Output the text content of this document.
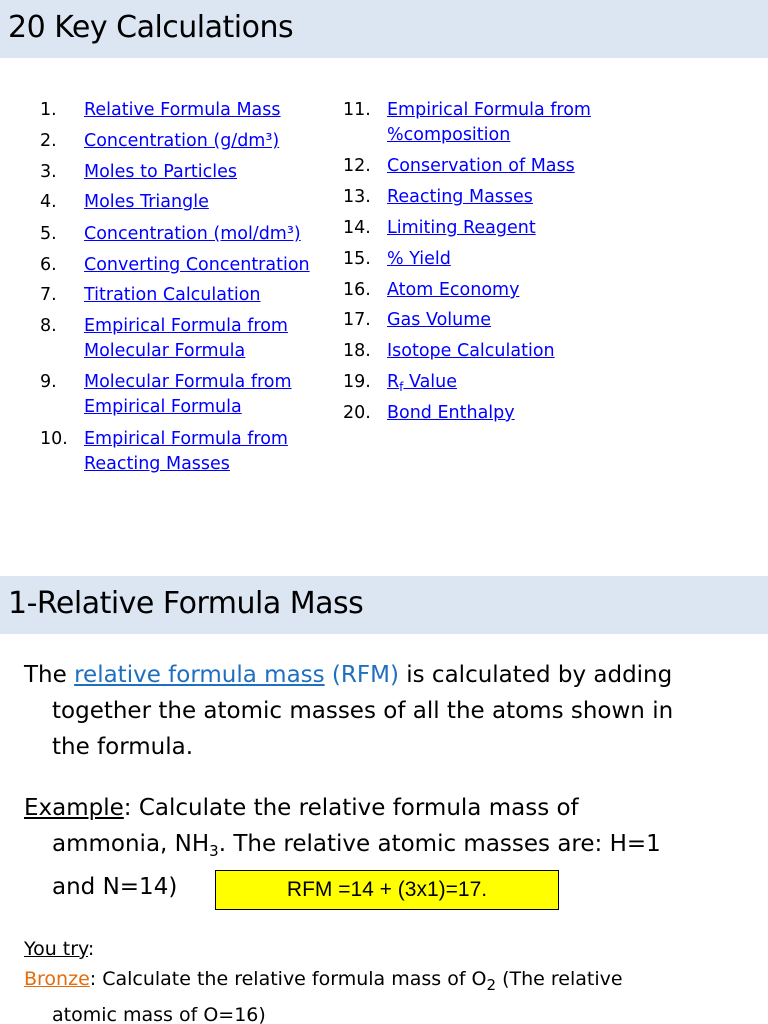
20 Key Calculations
1.	Relative Formula Mass
2.	Concentration (g/dm³)
3.	Moles to Particles
4.	Moles Triangle
5.	Concentration (mol/dm³)
6.	Converting Concentration
7.	Titration Calculation
8.	Empirical Formula from
Molecular Formula
9.	Molecular Formula from
Empirical Formula
10. Empirical Formula from
Reacting Masses
11. Empirical Formula from
%composition
12. Conservation of Mass
13. Reacting Masses
14. Limiting Reagent
15. % Yield
16. Atom Economy
17. Gas Volume
18. Isotope Calculation
19. $R_f$ Value
20. Bond Enthalpy
1-Relative Formula Mass
The relative formula mass (RFM) is calculated by adding
together the atomic masses of all the atoms shown in
the formula.
Example: Calculate the relative formula mass of
ammonia, $NH_3$. The relative atomic masses are: H=1
and N=14)	RFM =14 + (3x1)=17.
You try:
Bronze: Calculate the relative formula mass of $O_2$ (The relative
atomic mass of O=16)
